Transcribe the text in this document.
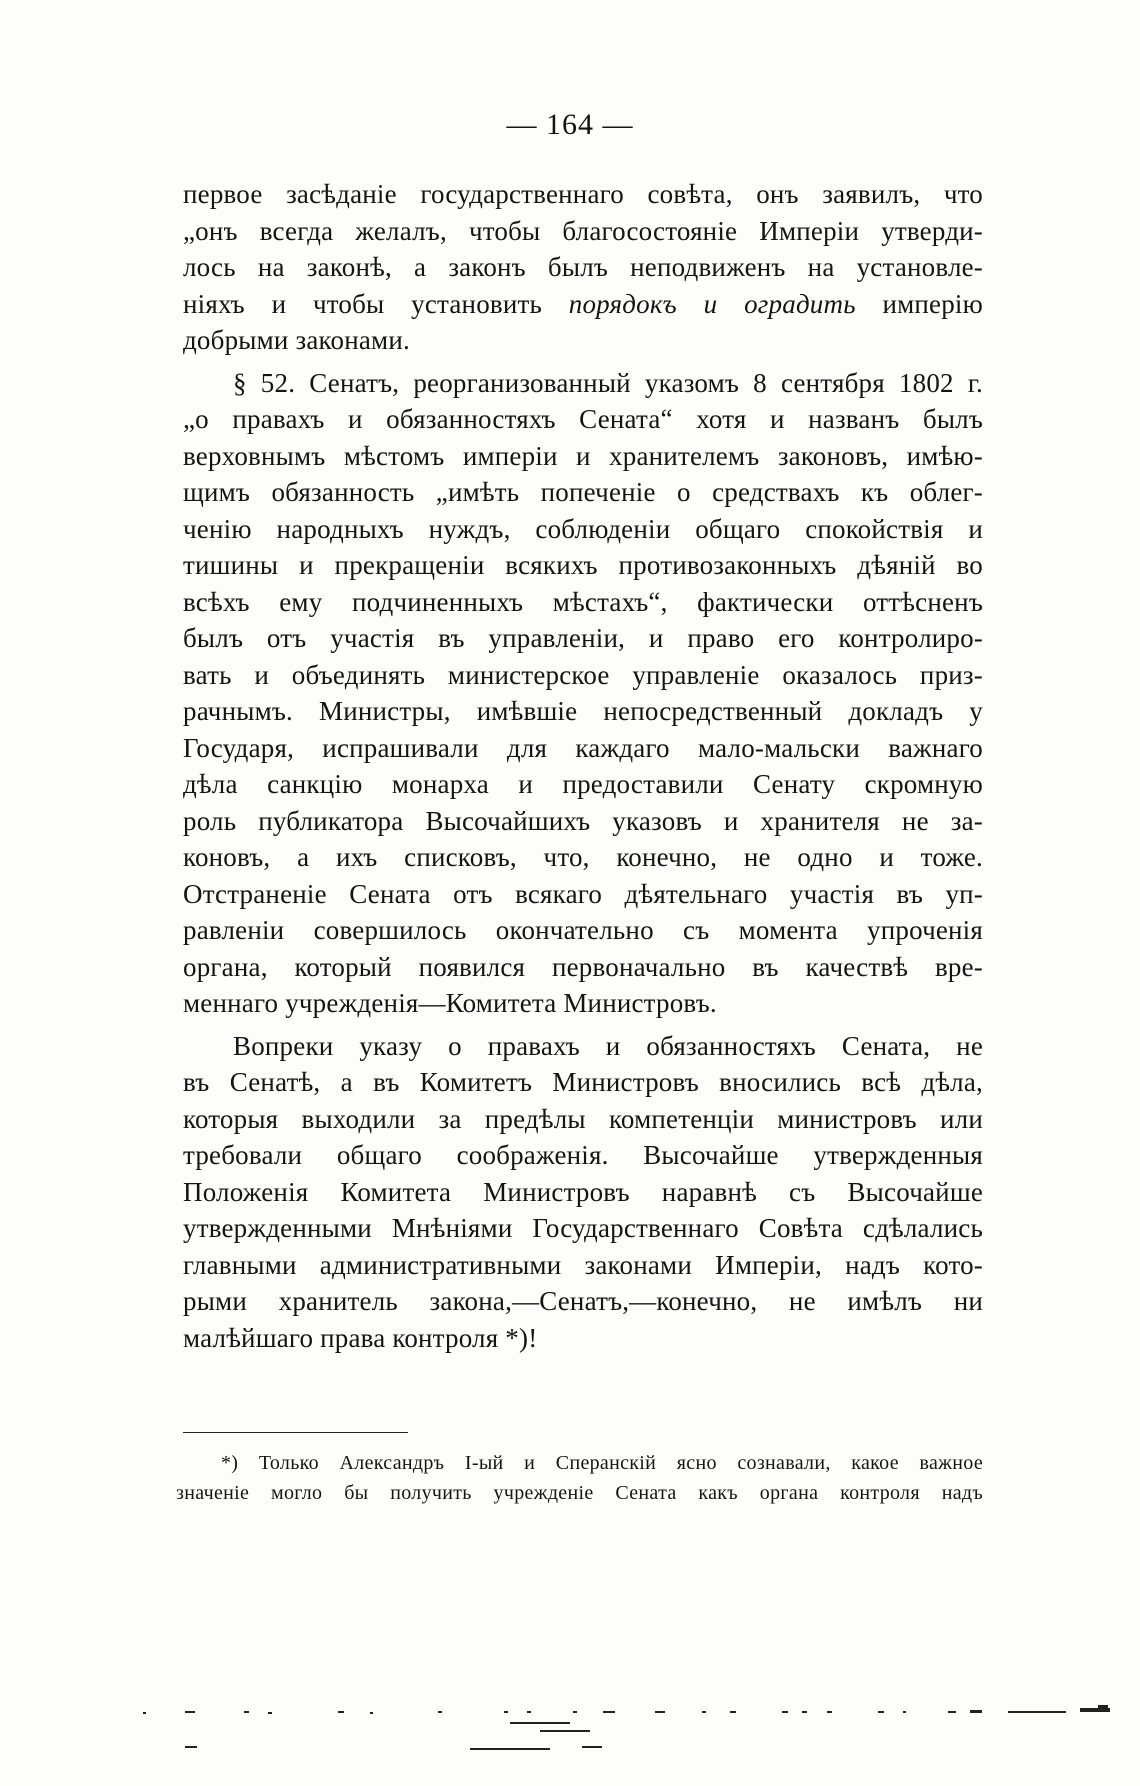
— 164 —
первое засѣданіе государственнаго совѣта, онъ заявилъ, что
„онъ всегда желалъ, чтобы благосостояніе Имперіи утверди-
лось на законѣ, а законъ былъ неподвиженъ на установле-
ніяхъ и чтобы установить порядокъ и оградить имперію
добрыми законами.
§ 52. Сенатъ, реорганизованный указомъ 8 сентября 1802 г.
„о правахъ и обязанностяхъ Сената“ хотя и названъ былъ
верховнымъ мѣстомъ имперіи и хранителемъ законовъ, имѣю-
щимъ обязанность „имѣть попеченіе о средствахъ къ облег-
ченію народныхъ нуждъ, соблюденіи общаго спокойствія и
тишины и прекращеніи всякихъ противозаконныхъ дѣяній во
всѣхъ ему подчиненныхъ мѣстахъ“, фактически оттѣсненъ
былъ отъ участія въ управленіи, и право его контролиро-
вать и объединять министерское управленіе оказалось приз-
рачнымъ. Министры, имѣвшіе непосредственный докладъ у
Государя, испрашивали для каждаго мало-мальски важнаго
дѣла санкцію монарха и предоставили Сенату скромную
роль публикатора Высочайшихъ указовъ и хранителя не за-
коновъ, а ихъ списковъ, что, конечно, не одно и тоже.
Отстраненіе Сената отъ всякаго дѣятельнаго участія въ уп-
равленіи совершилось окончательно съ момента упроченія
органа, который появился первоначально въ качествѣ вре-
меннаго учрежденія—Комитета Министровъ.
Вопреки указу о правахъ и обязанностяхъ Сената, не
въ Сенатѣ, а въ Комитетъ Министровъ вносились всѣ дѣла,
которыя выходили за предѣлы компетенціи министровъ или
требовали общаго соображенія. Высочайше утвержденныя
Положенія Комитета Министровъ наравнѣ съ Высочайше
утвержденными Мнѣніями Государственнаго Совѣта сдѣлались
главными административными законами Имперіи, надъ кото-
рыми хранитель закона,—Сенатъ,—конечно, не имѣлъ ни
малѣйшаго права контроля *)!
*) Только Александръ I-ый и Сперанскій ясно сознавали, какое важное
значеніе могло бы получить учрежденіе Сената какъ органа контроля надъ
